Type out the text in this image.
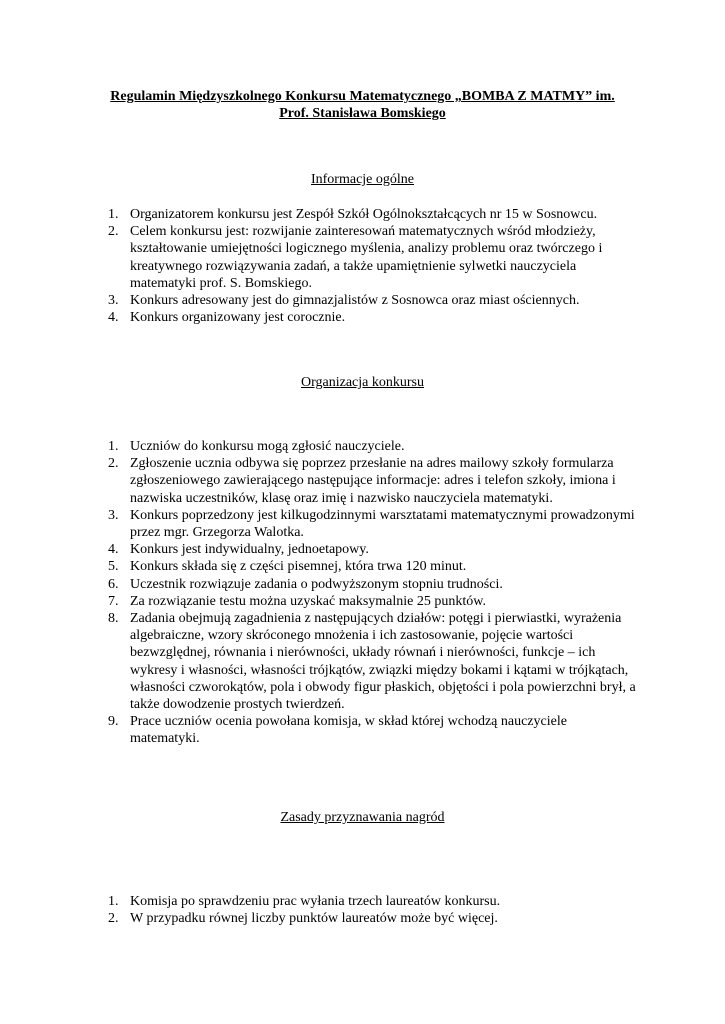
Regulamin Międzyszkolnego Konkursu Matematycznego „BOMBA Z MATMY” im.
Prof. Stanisława Bomskiego
Informacje ogólne
1. Organizatorem konkursu jest Zespół Szkół Ogólnokształcących nr 15 w Sosnowcu.
2. Celem konkursu jest: rozwijanie zainteresowań matematycznych wśród młodzieży, kształtowanie umiejętności logicznego myślenia, analizy problemu oraz twórczego i kreatywnego rozwiązywania zadań, a także upamiętnienie sylwetki nauczyciela matematyki prof. S. Bomskiego.
3. Konkurs adresowany jest do gimnazjalistów z Sosnowca oraz miast ościennych.
4. Konkurs organizowany jest corocznie.
Organizacja konkursu
1. Uczniów do konkursu mogą zgłosić nauczyciele.
2. Zgłoszenie ucznia odbywa się poprzez przesłanie na adres mailowy szkoły formularza zgłoszeniowego zawierającego następujące informacje: adres i telefon szkoły, imiona i nazwiska uczestników, klasę oraz imię i nazwisko nauczyciela matematyki.
3. Konkurs poprzedzony jest kilkugodzinnymi warsztatami matematycznymi prowadzonymi przez mgr. Grzegorza Walotka.
4. Konkurs jest indywidualny, jednoetapowy.
5. Konkurs składa się z części pisemnej, która trwa 120 minut.
6. Uczestnik rozwiązuje zadania o podwyższonym stopniu trudności.
7. Za rozwiązanie testu można uzyskać maksymalnie 25 punktów.
8. Zadania obejmują zagadnienia z następujących działów: potęgi i pierwiastki, wyrażenia algebraiczne, wzory skróconego mnożenia i ich zastosowanie, pojęcie wartości bezwzględnej, równania i nierówności, układy równań i nierówności, funkcje – ich wykresy i własności, własności trójkątów, związki między bokami i kątami w trójkątach, własności czworokątów, pola i obwody figur płaskich, objętości i pola powierzchni brył, a także dowodzenie prostych twierdzeń.
9. Prace uczniów ocenia powołana komisja, w skład której wchodzą nauczyciele matematyki.
Zasady przyznawania nagród
1. Komisja po sprawdzeniu prac wyłania trzech laureatów konkursu.
2. W przypadku równej liczby punktów laureatów może być więcej.
